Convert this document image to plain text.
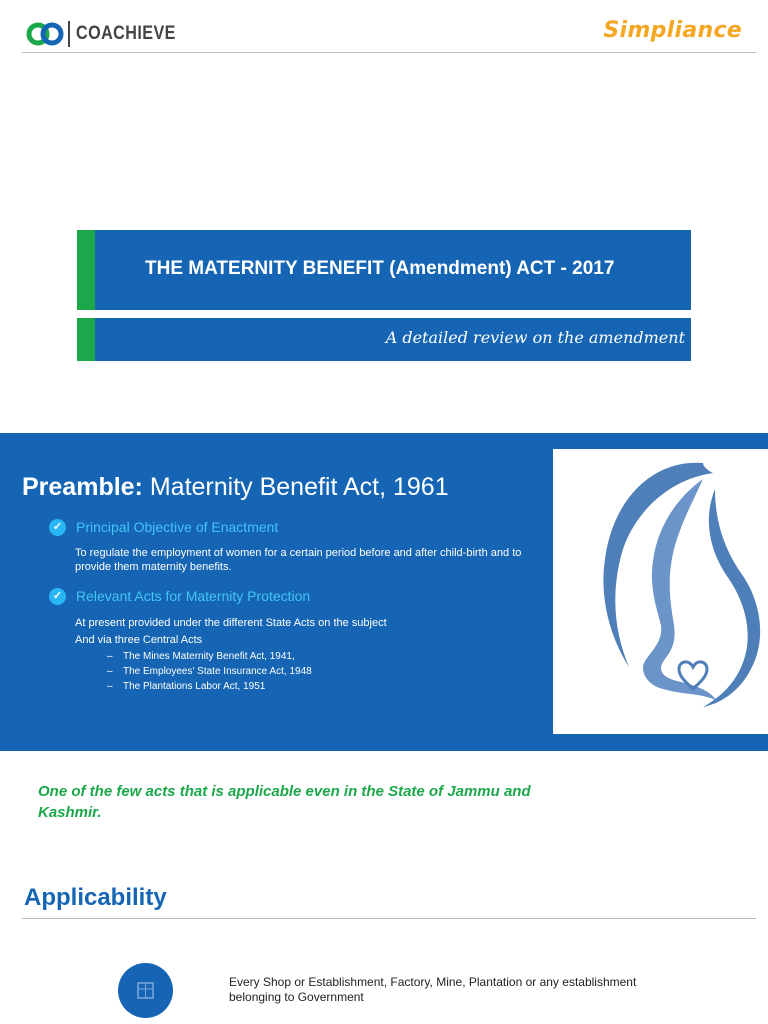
COACHIEVE	Simpliance
THE MATERNITY BENEFIT (Amendment) ACT - 2017
A detailed review on the amendment
Preamble: Maternity Benefit Act, 1961
✓ Principal Objective of Enactment
To regulate the employment of women for a certain period before and after child-birth and to provide them maternity benefits.
✓ Relevant Acts for Maternity Protection
At present provided under the different State Acts on the subject
And via three Central Acts
– The Mines Maternity Benefit Act, 1941,
– The Employees' State Insurance Act, 1948
– The Plantations Labor Act, 1951
One of the few acts that is applicable even in the State of Jammu and Kashmir.
Applicability
Every Shop or Establishment, Factory, Mine, Plantation or any establishment belonging to Government
